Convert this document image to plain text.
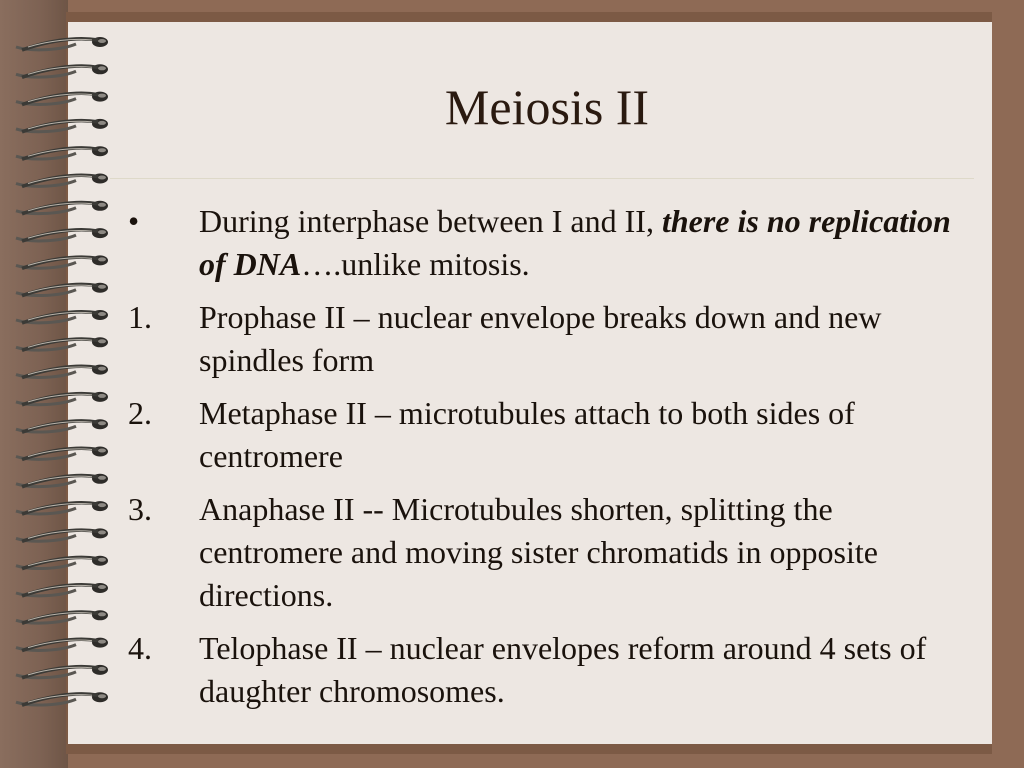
Meiosis II
• During interphase between I and II, there is no replication of DNA….unlike mitosis.
1. Prophase II – nuclear envelope breaks down and new spindles form
2. Metaphase II – microtubules attach to both sides of centromere
3. Anaphase II -- Microtubules shorten, splitting the centromere and moving sister chromatids in opposite directions.
4. Telophase II – nuclear envelopes reform around 4 sets of daughter chromosomes.
